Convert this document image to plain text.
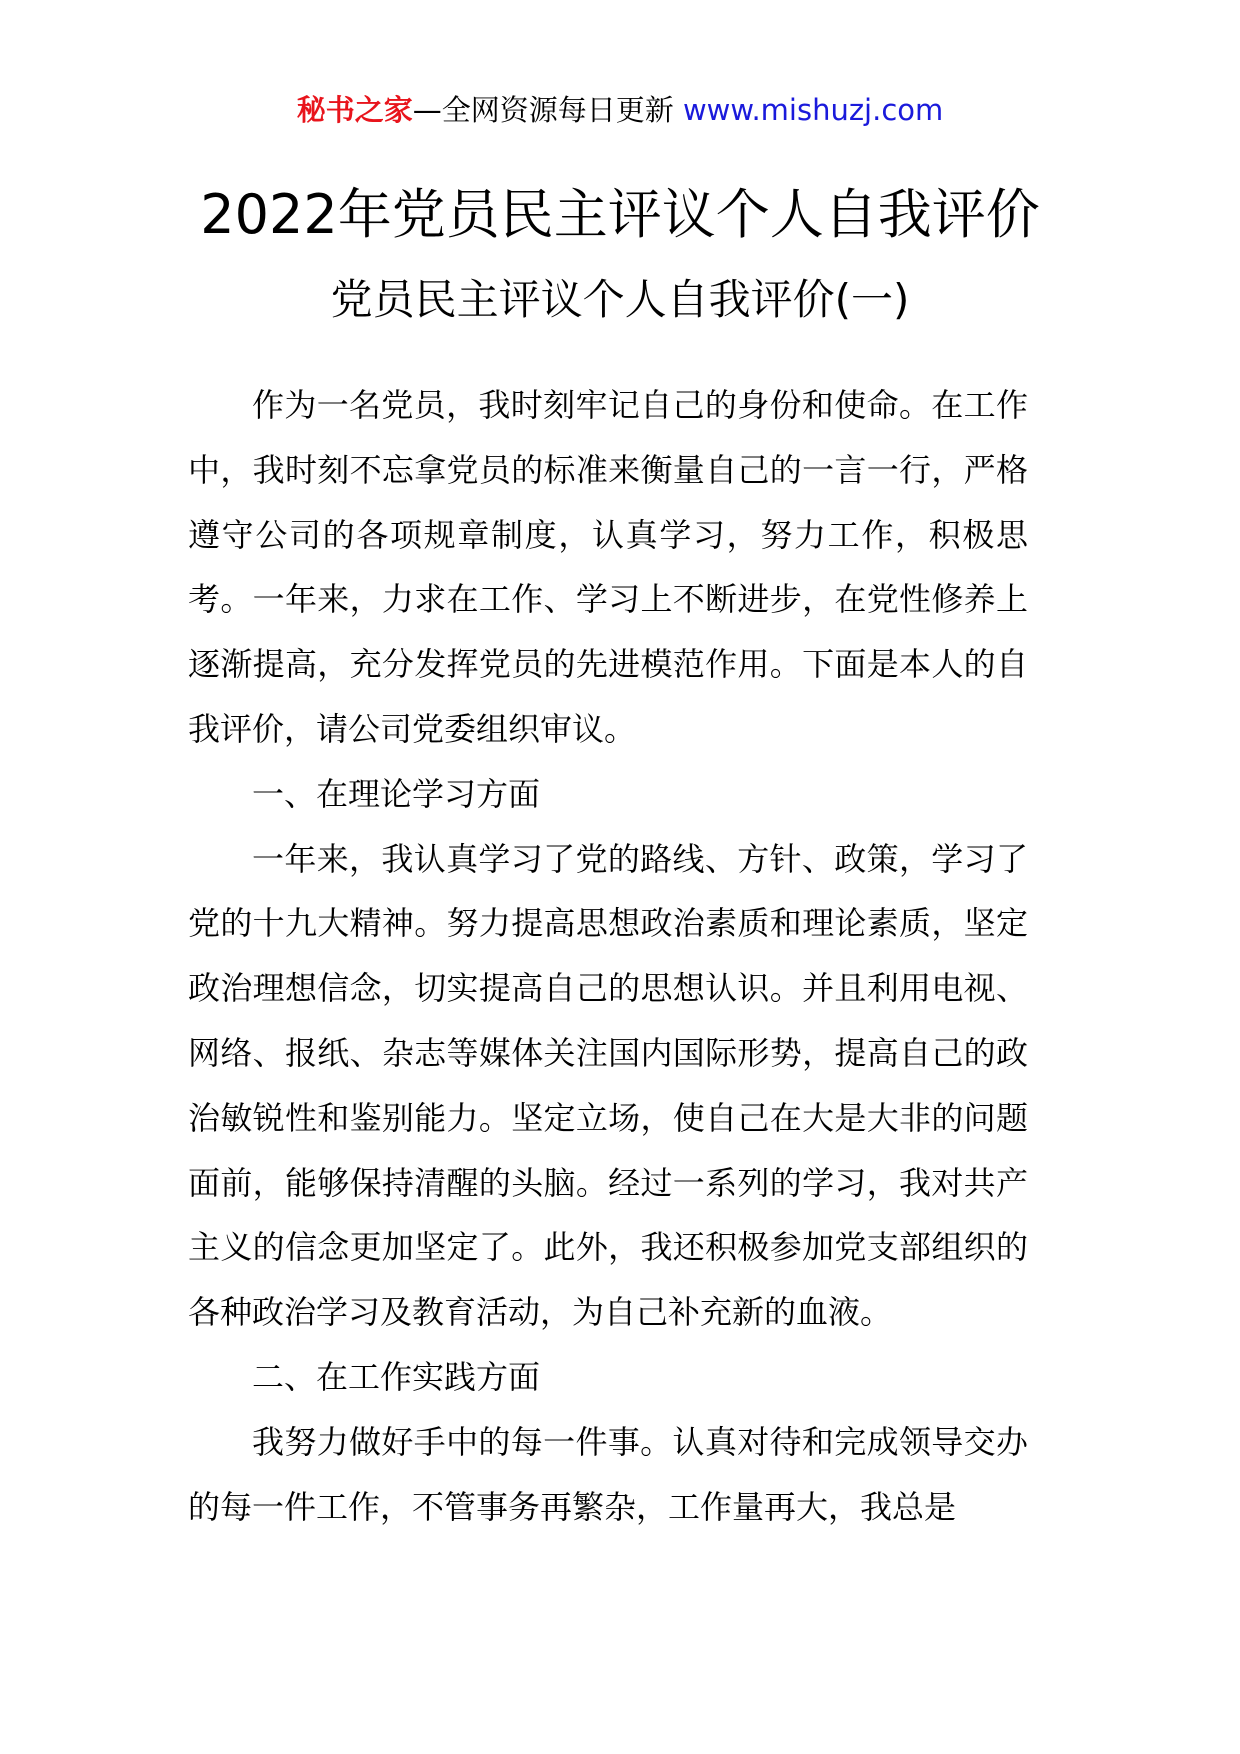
秘书之家—全网资源每日更新 www.mishuzj.com
2022年党员民主评议个人自我评价
党员民主评议个人自我评价(一)

作为一名党员，我时刻牢记自己的身份和使命。在工作中，我时刻不忘拿党员的标准来衡量自己的一言一行，严格遵守公司的各项规章制度，认真学习，努力工作，积极思考。一年来，力求在工作、学习上不断进步，在党性修养上逐渐提高，充分发挥党员的先进模范作用。下面是本人的自我评价，请公司党委组织审议。

一、在理论学习方面

一年来，我认真学习了党的路线、方针、政策，学习了党的十九大精神。努力提高思想政治素质和理论素质，坚定政治理想信念，切实提高自己的思想认识。并且利用电视、网络、报纸、杂志等媒体关注国内国际形势，提高自己的政治敏锐性和鉴别能力。坚定立场，使自己在大是大非的问题面前，能够保持清醒的头脑。经过一系列的学习，我对共产主义的信念更加坚定了。此外，我还积极参加党支部组织的各种政治学习及教育活动，为自己补充新的血液。

二、在工作实践方面

我努力做好手中的每一件事。认真对待和完成领导交办的每一件工作，不管事务再繁杂，工作量再大，我总是
